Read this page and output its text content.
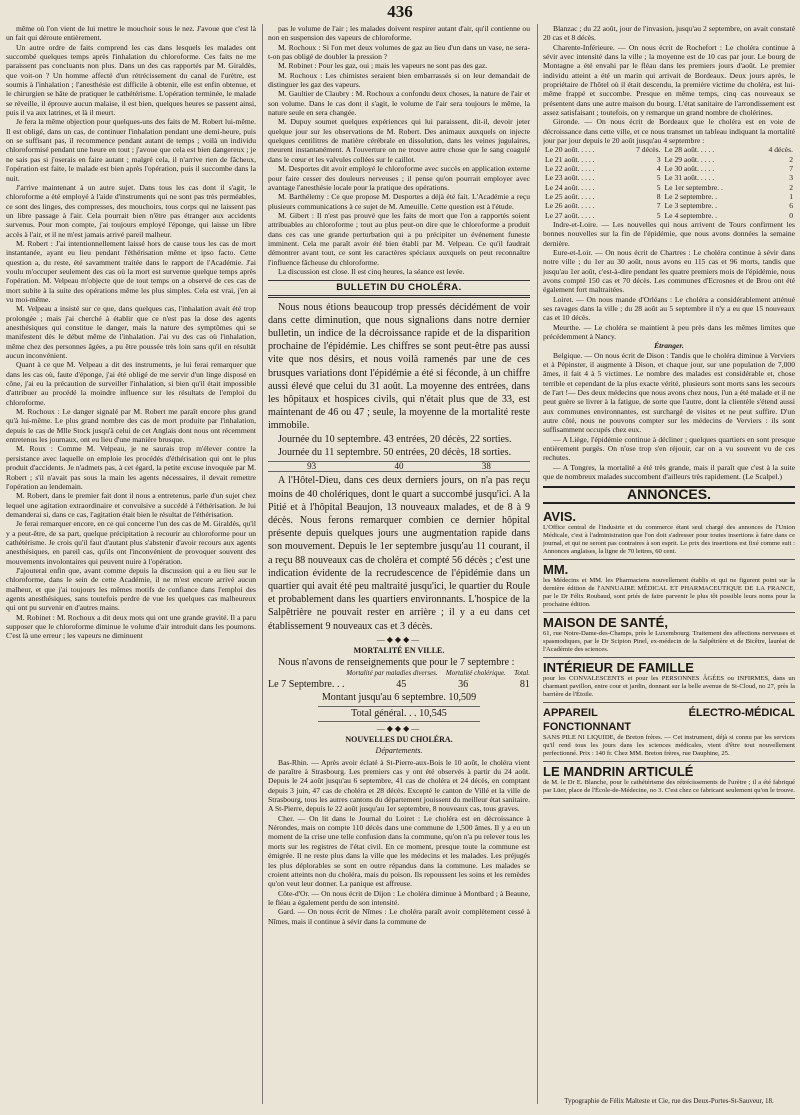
436

même où l'on vient de lui mettre le mouchoir sous le nez. J'avoue que c'est là un fait qui déroute entièrement.

Un autre ordre de faits comprend les cas dans lesquels les malades ont succombé quelques temps après l'inhalation du chloroforme. Ces faits ne me paraissent pas concluants non plus. Dans un des cas rapportés par M. Giraldès, que voit-on ? Un homme affecté d'un rétrécissement du canal de l'urètre, est soumis à l'inhalation ; l'anesthésie est difficile à obtenir, elle est enfin obtenue, et le chirurgien se hâte de pratiquer le cathétérisme. L'opération terminée, le malade se réveille, il éprouve aucun malaise, il est bien, quelques heures se passent ainsi, puis il va aux latrines, et là il meurt.

Je fera la même objection pour quelques-uns des faits de M. Robert lui-même. Il est obligé, dans un cas, de continuer l'inhalation pendant une demi-heure, puis on se suffisant pas, il recommence pendant autant de temps ; voilà un individu chloroformisé pendant une heure en tout ; j'avoue que cela est bien dangereux ; je ne sais pas si j'oserais en faire autant ; malgré cela, il n'arrive rien de fâcheux, l'opération est faite, le malade est bien après l'opération, puis il succombe dans la nuit.

J'arrive maintenant à un autre sujet. Dans tous les cas dont il s'agit, le chloroforme a été employé à l'aide d'instruments qui ne sont pas très perméables, ce sont des linges, des compresses, des mouchoirs, tous corps qui ne laissent pas un libre passage à l'air. Cela pourrait bien n'être pas étranger aux accidents survenus. Pour mon compte, j'ai toujours employé l'éponge, qui laisse un libre accès à l'air, et il ne m'est jamais arrivé pareil malheur.

M. Robert : J'ai intentionnellement laissé hors de cause tous les cas de mort instantanée, ayant eu lieu pendant l'éthérisation même et ipso facto. Cette question a, du reste, été savamment traitée dans le rapport de l'Académie. J'ai voulu m'occuper seulement des cas où la mort est survenue quelque temps après l'opération. M. Velpeau m'objecte que de tout temps on a observé de ces cas de mort subite à la suite des opérations même les plus simples. Cela est vrai, j'en ai vu moi-même.

M. Velpeau a insisté sur ce que, dans quelques cas, l'inhalation avait été trop prolongée ; mais j'ai cherché à établir que ce n'est pas la dose des agents anesthésiques qui constitue le danger, mais la nature des symptômes qui se manifestent dès le début même de l'inhalation. J'ai vu des cas où l'inhalation, même chez des personnes âgées, a pu être poussée très loin sans qu'il en résultât aucun inconvénient.

Quant à ce que M. Velpeau a dit des instruments, je lui ferai remarquer que dans les cas où, faute d'éponge, j'ai été obligé de me servir d'un linge disposé en cône, j'ai eu la précaution de surveiller l'inhalation, si bien qu'il était impossible d'attribuer au procédé la moindre influence sur les résultats de l'emploi du chloroforme.

M. Rochoux : Le danger signalé par M. Robert me paraît encore plus grand qu'à lui-même. Le plus grand nombre des cas de mort produite par l'inhalation, depuis le cas de Mlle Stock jusqu'à celui de cet Anglais dont nous ont récemment entretenus les journaux, ont eu lieu d'une manière brusque.

M. Roux : Comme M. Velpeau, je ne saurais trop m'élever contre la persistance avec laquelle on emploie les procédés d'éthérisation qui ont le plus produit d'accidents. Je n'admets pas, à cet égard, la petite excuse invoquée par M. Robert ; s'il n'avait pas sous la main les agents nécessaires, il devait remettre l'opération au lendemain.

M. Robert, dans le premier fait dont il nous a entretenus, parle d'un sujet chez lequel une agitation extraordinaire et convulsive a succédé à l'éthérisation. Je lui demanderai si, dans ce cas, l'agitation était bien le résultat de l'éthérisation.

Je ferai remarquer encore, en ce qui concerne l'un des cas de M. Giraldès, qu'il y a peut-être, de sa part, quelque précipitation à recourir au chloroforme pour un cathétérisme. Je crois qu'il faut d'autant plus s'abstenir d'avoir recours aux agents anesthésiques, en pareil cas, qu'ils ont l'inconvénient de provoquer souvent des mouvements involontaires qui peuvent nuire à l'opération.

J'ajouterai enfin que, avant comme depuis la discussion qui a eu lieu sur le chloroforme, dans le sein de cette Académie, il ne m'est encore arrivé aucun malheur, et que j'ai toujours les mêmes motifs de confiance dans l'emploi des agents anesthésiques, sans toutefois perdre de vue les quelques cas malheureux qui ont pu survenir en d'autres mains.

M. Robinet : M. Rochoux a dit deux mots qui ont une grande gravité. Il a paru supposer que le chloroforme diminue le volume d'air introduit dans les poumons. C'est là une erreur ; les vapeurs ne diminuent

pas le volume de l'air ; les malades doivent respirer autant d'air, qu'il contienne ou non en suspension des vapeurs de chloroforme.

M. Rochoux : Si l'on met deux volumes de gaz au lieu d'un dans un vase, ne sera-t-on pas obligé de doubler la pression ?

M. Robinet : Pour les gaz, oui ; mais les vapeurs ne sont pas des gaz.

M. Rochoux : Les chimistes seraient bien embarrassés si on leur demandait de distinguer les gaz des vapeurs.

M. Gaultier de Claubry : M. Rochoux a confondu deux choses, la nature de l'air et son volume. Dans le cas dont il s'agit, le volume de l'air sera toujours le même, la nature seule en sera changée.

M. Dupuy soumet quelques expériences qui lui paraissent, dit-il, devoir jeter quelque jour sur les observations de M. Robert. Des animaux auxquels on injecte quelques centilitres de matière cérébrale en dissolution, dans les veines jugulaires, meurent instantanément. A l'ouverture on ne trouve autre chose que le sang coagulé dans le cœur et les valvules collées sur le caillot.

M. Desportes dit avoir employé le chloroforme avec succès en application externe pour faire cesser des douleurs nerveuses ; il pense qu'on pourrait employer avec avantage l'anesthésie locale pour la pratique des opérations.

M. Barthélemy : Ce que propose M. Desportes a déjà été fait. L'Académie a reçu plusieurs communications à ce sujet de M. Ameuille. Cette question est à l'étude.

M. Gibert : Il n'est pas prouvé que les faits de mort que l'on a rapportés soient attribuables au chloroforme ; tout au plus peut-on dire que le chloroforme a produit dans ces cas une grande perturbation qui a pu précipiter un événement funeste imminent. Cela me paraît avoir été bien établi par M. Velpeau. Ce qu'il faudrait démontrer avant tout, ce sont les caractères spéciaux auxquels on peut reconnaître l'influence fâcheuse du chloroforme.

La discussion est close. Il est cinq heures, la séance est levée.

BULLETIN DU CHOLÉRA.

Nous nous étions beaucoup trop pressés décidément de voir dans cette diminution, que nous signalions dans notre dernier bulletin, un indice de la décroissance rapide et de la disparition prochaine de l'épidémie. Les chiffres se sont peut-être pas aussi vite que nos désirs, et nous voilà ramenés par une de ces brusques variations dont l'épidémie a été si féconde, à un chiffre aussi élevé que celui du 31 août. La moyenne des entrées, dans les hôpitaux et hospices civils, qui n'était plus que de 33, est maintenant de 46 ou 47 ; seule, la moyenne de la mortalité reste immobile.

Journée du 10 septembre. 43 entrées, 20 décès, 22 sorties.

Journée du 11 septembre. 50 entrées, 20 décès, 18 sorties.

93	40	38

A l'Hôtel-Dieu, dans ces deux derniers jours, on n'a pas reçu moins de 40 cholériques, dont le quart a succombé jusqu'ici. A la Pitié et à l'hôpital Beaujon, 13 nouveaux malades, et de 8 à 9 décès. Nous ferons remarquer combien ce dernier hôpital présente depuis quelques jours une augmentation rapide dans son mouvement. Depuis le 1er septembre jusqu'au 11 courant, il a reçu 88 nouveaux cas de choléra et compté 56 décès ; c'est une indication évidente de la recrudescence de l'épidémie dans un quartier qui avait été peu maltraité jusqu'ici, le quartier du Roule et probablement dans les quartiers environnants. L'hospice de la Salpêtrière ne pouvait rester en arrière ; il y a eu dans cet établissement 9 nouveaux cas et 3 décès.

—◆◆◆—
MORTALITÉ EN VILLE.

Nous n'avons de renseignements que pour le 7 septembre :

Mortalité par maladies diverses. Mortalité cholérique. Total.
Le 7 Septembre. . .	45	36	81
Montant jusqu'au 6 septembre. 10,509
Total général. . . 10,545
—◆◆◆—
NOUVELLES DU CHOLÉRA.
Départements.

Bas-Rhin. — Après avoir éclaté à St-Pierre-aux-Bois le 10 août, le choléra vient de paraître à Strasbourg. Les premiers cas y ont été observés à partir du 24 août. Depuis le 24 août jusqu'au 6 septembre, 41 cas de choléra et 24 décès, en comptant depuis 3 juin, 47 cas de choléra et 28 décès. Excepté le canton de Villé et la ville de Strasbourg, tous les autres cantons du département jouissent du meilleur état sanitaire. A St-Pierre, depuis le 22 août jusqu'au 1er septembre, 8 nouveaux cas, tous graves.

Cher. — On lit dans le Journal du Loiret : Le choléra est en décroissance à Nérondes, mais on compte 110 décès dans une commune de 1,500 âmes. Il y a eu un moment de la crise une telle confusion dans la commune, qu'on n'a pu relever tous les morts sur les registres de l'état civil. En ce moment, presque toute la commune est émigrée. Il ne reste plus dans la ville que les médecins et les malades. Les préjugés les plus déplorables se sont en outre répandus dans la commune. Les malades se croient atteints non du choléra, mais du poison. Ils repoussent les soins et les remèdes qu'on veut leur donner. La panique est affreuse.

Côte-d'Or. — On nous écrit de Dijon : Le choléra diminue à Montbard ; à Beaune, le fléau a également perdu de son intensité.

Gard. — On nous écrit de Nîmes : Le choléra paraît avoir complètement cessé à Nîmes, mais il continue à sévir dans la commune de

Blanzac ; du 22 août, jour de l'invasion, jusqu'au 2 septembre, on avait constaté 20 cas et 8 décès.

Charente-Inférieure. — On nous écrit de Rochefort : Le choléra continue à sévir avec intensité dans la ville ; la moyenne est de 10 cas par jour. Le bourg de Montagne a été envahi par le fléau dans les premiers jours d'août. Le premier individu atteint a été un marin qui arrivait de Bordeaux. Deux jours après, le propriétaire de l'hôtel où il était descendu, la première victime du choléra, est lui-même frappé et succombe. Presque en même temps, cinq cas nouveaux se présentent dans une autre maison du bourg. L'état sanitaire de l'arrondissement est assez satisfaisant ; toutefois, on y remarque un grand nombre de cholérines.

Gironde. — On nous écrit de Bordeaux que le choléra est en voie de décroissance dans cette ville, et ce nous transmet un tableau indiquant la mortalité jour par jour depuis le 20 août jusqu'au 4 septembre :

Le 20 août. . . . .	7 décès.	Le 28 août. . . . .	4 décès.
Le 21 août. . . . .	3	Le 29 août. . . . .	2
Le 22 août. . . . .	4	Le 30 août. . . . .	7
Le 23 août. . . . .	5	Le 31 août. . . . .	3
Le 24 août. . . . .	5	Le 1er septembre. .	2
Le 25 août. . . . .	8	Le 2 septembre. .	1
Le 26 août. . . . .	7	Le 3 septembre. .	6
Le 27 août. . . . .	5	Le 4 septembre. .	0

Indre-et-Loire. — Les nouvelles qui nous arrivent de Tours confirment les bonnes nouvelles sur la fin de l'épidémie, que nous avons données la semaine dernière.

Eure-et-Loir. — On nous écrit de Chartres : Le choléra continue à sévir dans notre ville ; du 1er au 30 août, nous avons eu 115 cas et 96 morts, tandis que jusqu'au 1er août, c'est-à-dire pendant les quatre premiers mois de l'épidémie, nous avons compté 150 cas et 70 décès. Les communes d'Ecrosnes et de Brou ont été également fort maltraitées.

Loiret. — On nous mande d'Orléans : Le choléra a considérablement atténué ses ravages dans la ville ; du 28 août au 5 septembre il n'y a eu que 15 nouveaux cas et 10 décès.

Meurthe. — Le choléra se maintient à peu près dans les mêmes limites que précédemment à Nancy.

Étranger.

Belgique. — On nous écrit de Dison : Tandis que le choléra diminue à Verviers et à Pépinster, il augmente à Dison, et chaque jour, sur une population de 7,000 âmes, il fait 4 à 5 victimes. Le nombre des malades est considérable et, chose terrible et cependant de la plus exacte vérité, plusieurs sont morts sans les secours de l'art !— Des deux médecins que nous avons chez nous, l'un a été malade et il ne peut guère se livrer à la fatigue, de sorte que l'autre, dont la clientèle s'étend aussi aux communes environnantes, est surchargé de visites et ne peut suffire. D'un autre côté, nous ne pouvons compter sur les médecins de Verviers : ils sont suffisamment occupés chez eux.

— A Liège, l'épidémie continue à décliner ; quelques quartiers en sont presque entièrement purgés. On n'ose trop s'en réjouir, car on a vu souvent vu de ces rechutes.

— A Tongres, la mortalité a été très grande, mais il paraît que c'est à la suite que de nombreux malades succombent d'ailleurs très rapidement. (Le Scalpel.)

ANNONCES.
AVIS.
L'Office central de l'industrie et du commerce étant seul chargé des annonces de l'Union Médicale, c'est à l'administration que l'on doit s'adresser pour toutes insertions à faire dans ce journal, et qui ne seront pas contraires à son esprit. Le prix des insertions est fixé comme suit : Annonces anglaises, la ligne de 70 lettres, 60 cent.
MM.
les Médecins et MM. les Pharmaciens nouvellement établis et qui ne figurent point sur la dernière édition de l'ANNUAIRE MÉDICAL ET PHARMACEUTIQUE DE LA FRANCE, par le Dr Félix Roubaud, sont priés de faire parvenir le plus tôt possible leurs noms pour la prochaine édition.
MAISON DE SANTÉ,
61, rue Notre-Dame-des-Champs, près le Luxembourg. Traitement des affections nerveuses et spasmodiques, par le Dr Scipion Pinel, ex-médecin de la Salpêtrière et de Bicêtre, lauréat de l'Académie des sciences.
INTÉRIEUR DE FAMILLE
pour les CONVALESCENTS et pour les PERSONNES ÂGÉES ou INFIRMES, dans un charmant pavillon, entre cour et jardin, donnant sur la belle avenue de St-Cloud, no 27, près la barrière de l'Étoile.
APPAREIL ÉLECTRO-MÉDICAL FONCTIONNANT
SANS PILE NI LIQUIDE, de Breton frères. — Cet instrument, déjà si connu par les services qu'il rend tous les jours dans les sciences médicales, vient d'être tout nouvellement perfectionné. Prix : 140 fr. Chez MM. Breton frères, rue Dauphine, 25.
LE MANDRIN ARTICULÉ
de M. le Dr E. Blanche, pour le cathétérisme des rétrécissements de l'urètre ; il a été fabriqué par Lüer, place de l'École-de-Médecine, no 3. C'est chez ce fabricant seulement qu'on le trouve.
Typographie de Félix Malteste et Cie, rue des Deux-Portes-St-Sauveur, 18.
